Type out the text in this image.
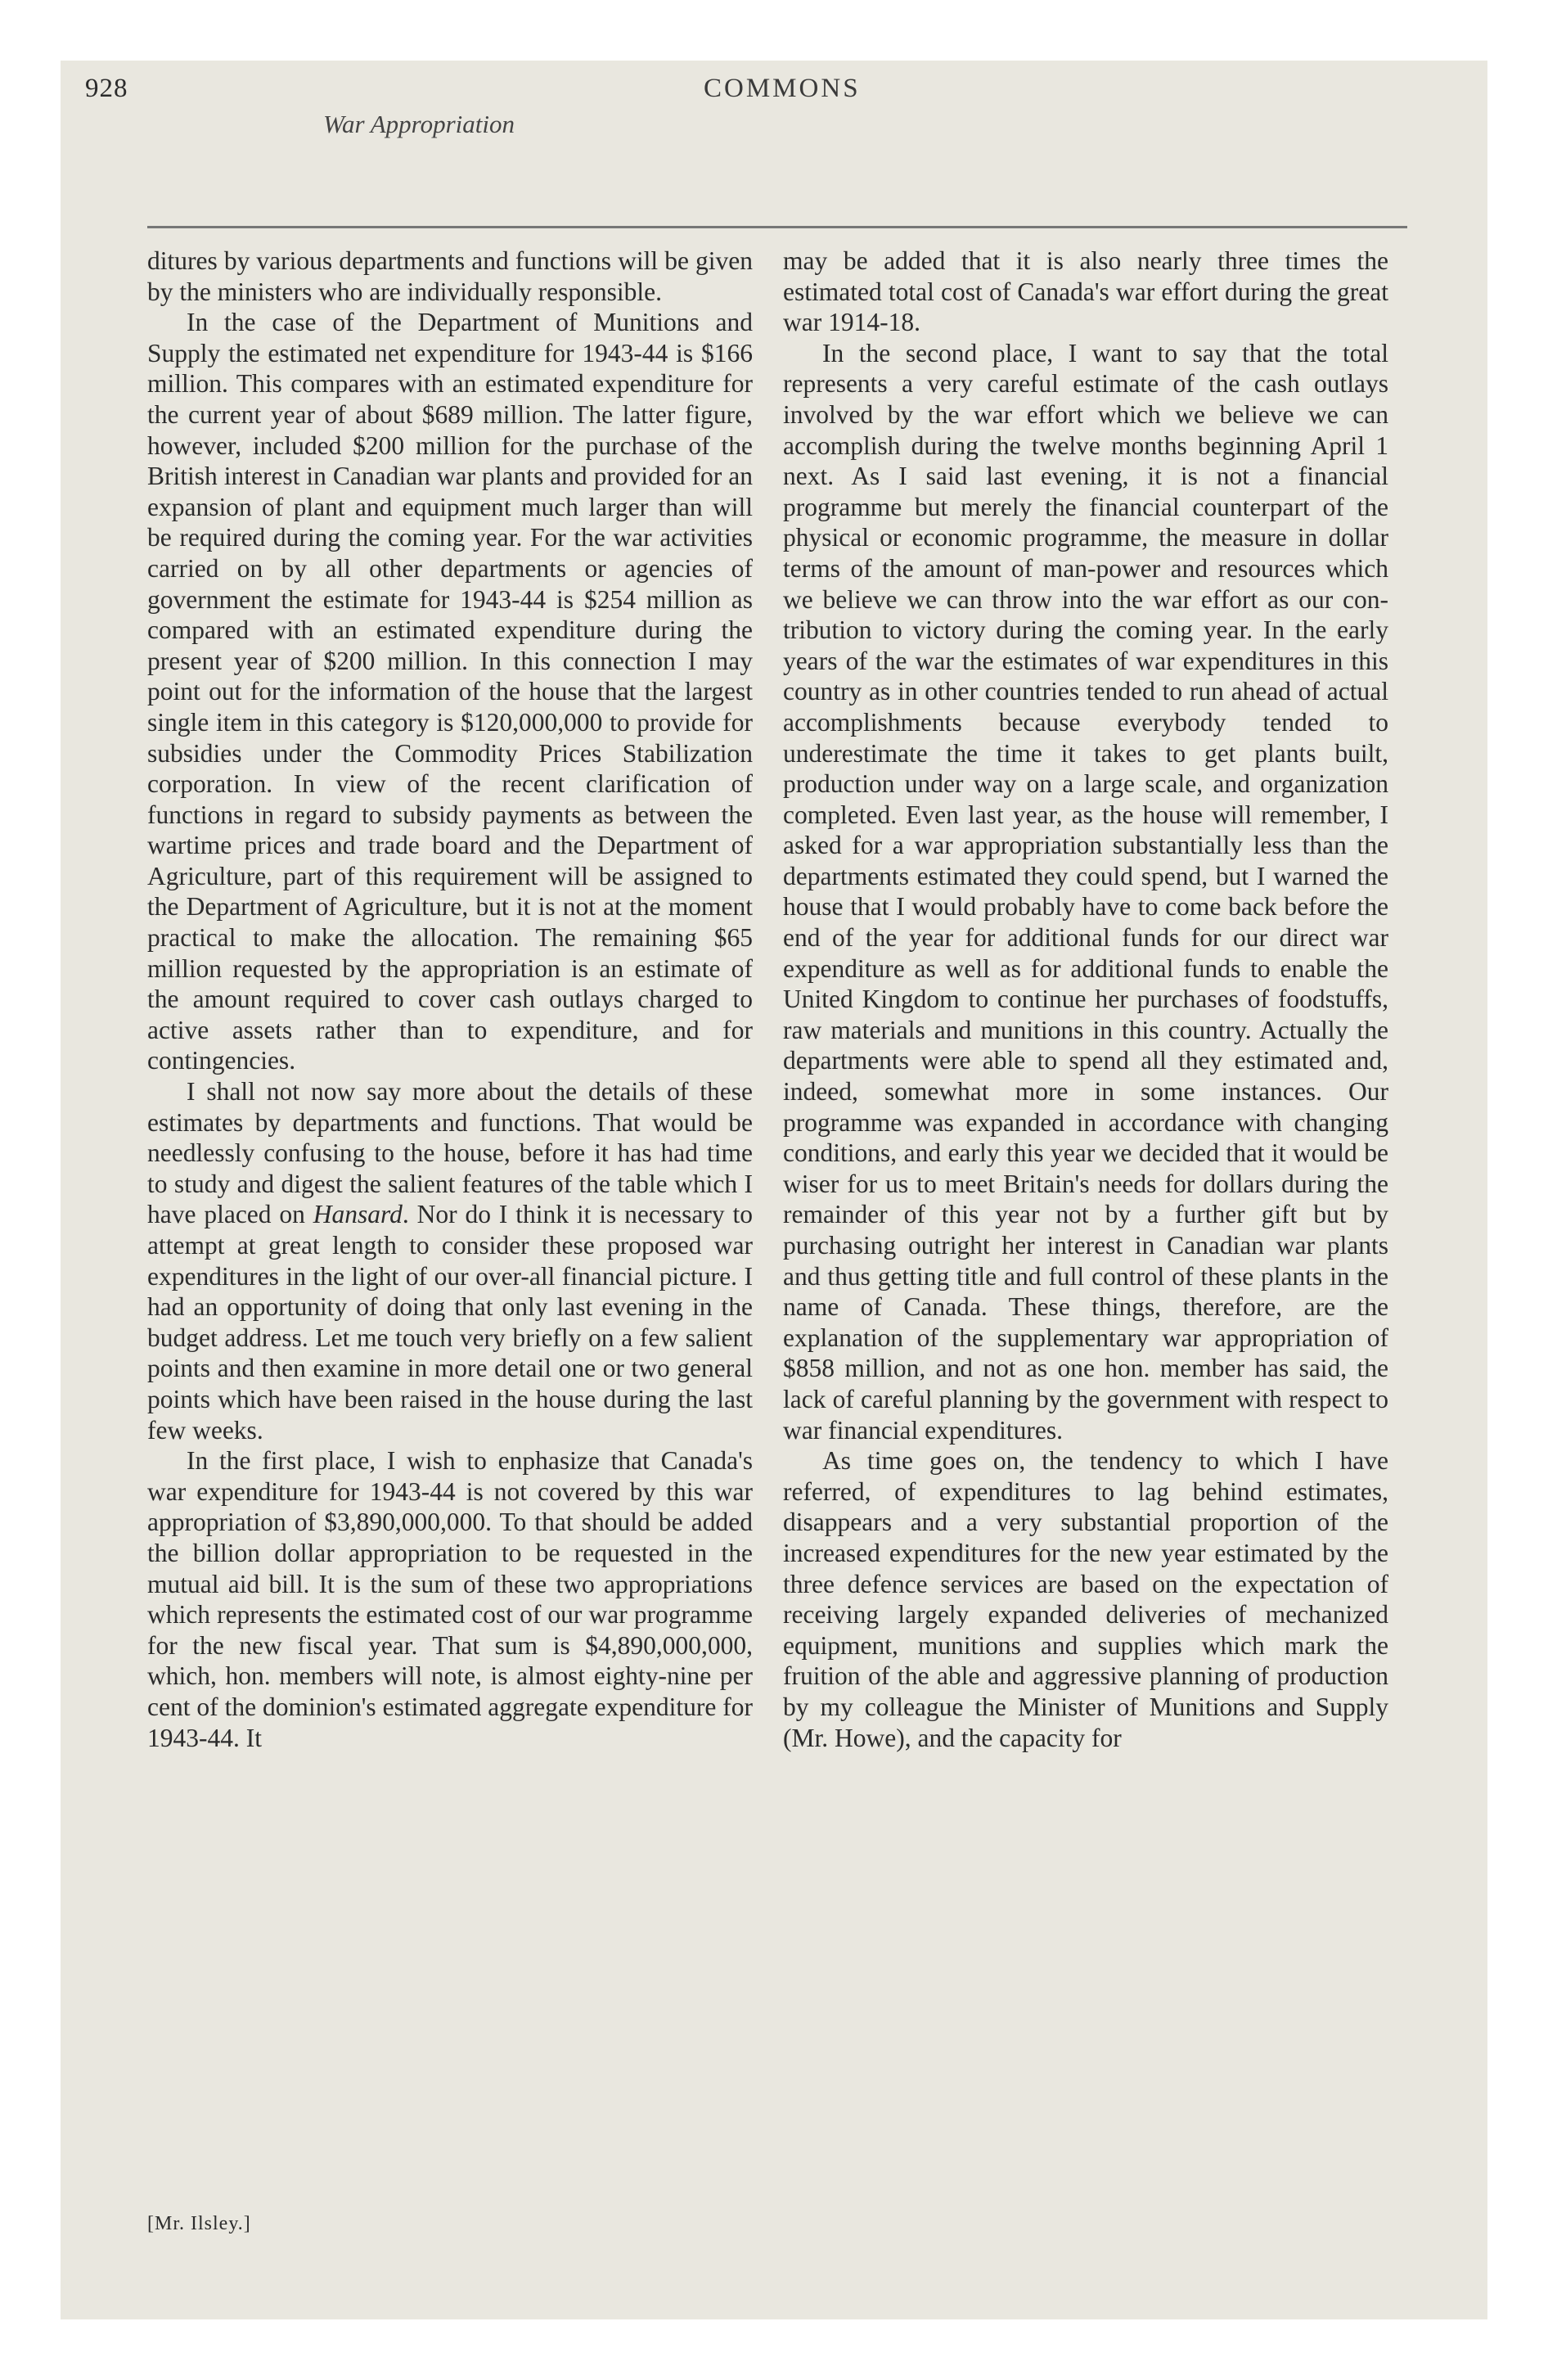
928
War Appropriation
COMMONS

ditures by various departments and functions will be given by the ministers who are individually responsible.

In the case of the Department of Munitions and Supply the estimated net expenditure for 1943-44 is $166 million. This compares with an estimated expenditure for the current year of about $689 million. The latter figure, however, included $200 million for the purchase of the British interest in Canadian war plants and provided for an expansion of plant and equipment much larger than will be required during the coming year. For the war activities carried on by all other departments or agencies of government the estimate for 1943-44 is $254 million as compared with an estimated expenditure during the present year of $200 million. In this connection I may point out for the information of the house that the largest single item in this category is $120,000,000 to provide for subsidies under the Commodity Prices Stabilization corporation. In view of the recent clarification of functions in regard to subsidy payments as between the wartime prices and trade board and the Department of Agriculture, part of this requirement will be assigned to the Department of Agriculture, but it is not at the moment practical to make the allocation. The remaining $65 million requested by the appropriation is an estimate of the amount required to cover cash outlays charged to active assets rather than to expenditure, and for contingencies.

I shall not now say more about the details of these estimates by departments and functions. That would be needlessly confusing to the house, before it has had time to study and digest the salient features of the table which I have placed on Hansard. Nor do I think it is necessary to attempt at great length to consider these proposed war expenditures in the light of our over-all financial picture. I had an opportunity of doing that only last evening in the budget address. Let me touch very briefly on a few salient points and then examine in more detail one or two general points which have been raised in the house during the last few weeks.

In the first place, I wish to enphasize that Canada's war expenditure for 1943-44 is not covered by this war appropriation of $3,890,000,000. To that should be added the billion dollar appropriation to be requested in the mutual aid bill. It is the sum of these two appropriations which represents the estimated cost of our war programme for the new fiscal year. That sum is $4,890,000,000, which, hon. members will note, is almost eighty-nine per cent of the dominion's estimated aggregate expenditure for 1943-44. It

may be added that it is also nearly three times the estimated total cost of Canada's war effort during the great war 1914-18.

In the second place, I want to say that the total represents a very careful estimate of the cash outlays involved by the war effort which we believe we can accomplish during the twelve months beginning April 1 next. As I said last evening, it is not a financial programme but merely the financial counterpart of the physical or economic programme, the measure in dollar terms of the amount of man-power and resources which we believe we can throw into the war effort as our contribution to victory during the coming year. In the early years of the war the estimates of war expenditures in this country as in other countries tended to run ahead of actual accomplishments because everybody tended to underestimate the time it takes to get plants built, production under way on a large scale, and organization completed. Even last year, as the house will remember, I asked for a war appropriation substantially less than the departments estimated they could spend, but I warned the house that I would probably have to come back before the end of the year for additional funds for our direct war expenditure as well as for additional funds to enable the United Kingdom to continue her purchases of foodstuffs, raw materials and munitions in this country. Actually the departments were able to spend all they estimated and, indeed, somewhat more in some instances. Our programme was expanded in accordance with changing conditions, and early this year we decided that it would be wiser for us to meet Britain's needs for dollars during the remainder of this year not by a further gift but by purchasing outright her interest in Canadian war plants and thus getting title and full control of these plants in the name of Canada. These things, therefore, are the explanation of the supplementary war appropriation of $858 million, and not as one hon. member has said, the lack of careful planning by the government with respect to war financial expenditures.

As time goes on, the tendency to which I have referred, of expenditures to lag behind estimates, disappears and a very substantial proportion of the increased expenditures for the new year estimated by the three defence services are based on the expectation of receiving largely expanded deliveries of mechanized equipment, munitions and supplies which mark the fruition of the able and aggressive planning of production by my colleague the Minister of Munitions and Supply (Mr. Howe), and the capacity for

[Mr. Ilsley.]
